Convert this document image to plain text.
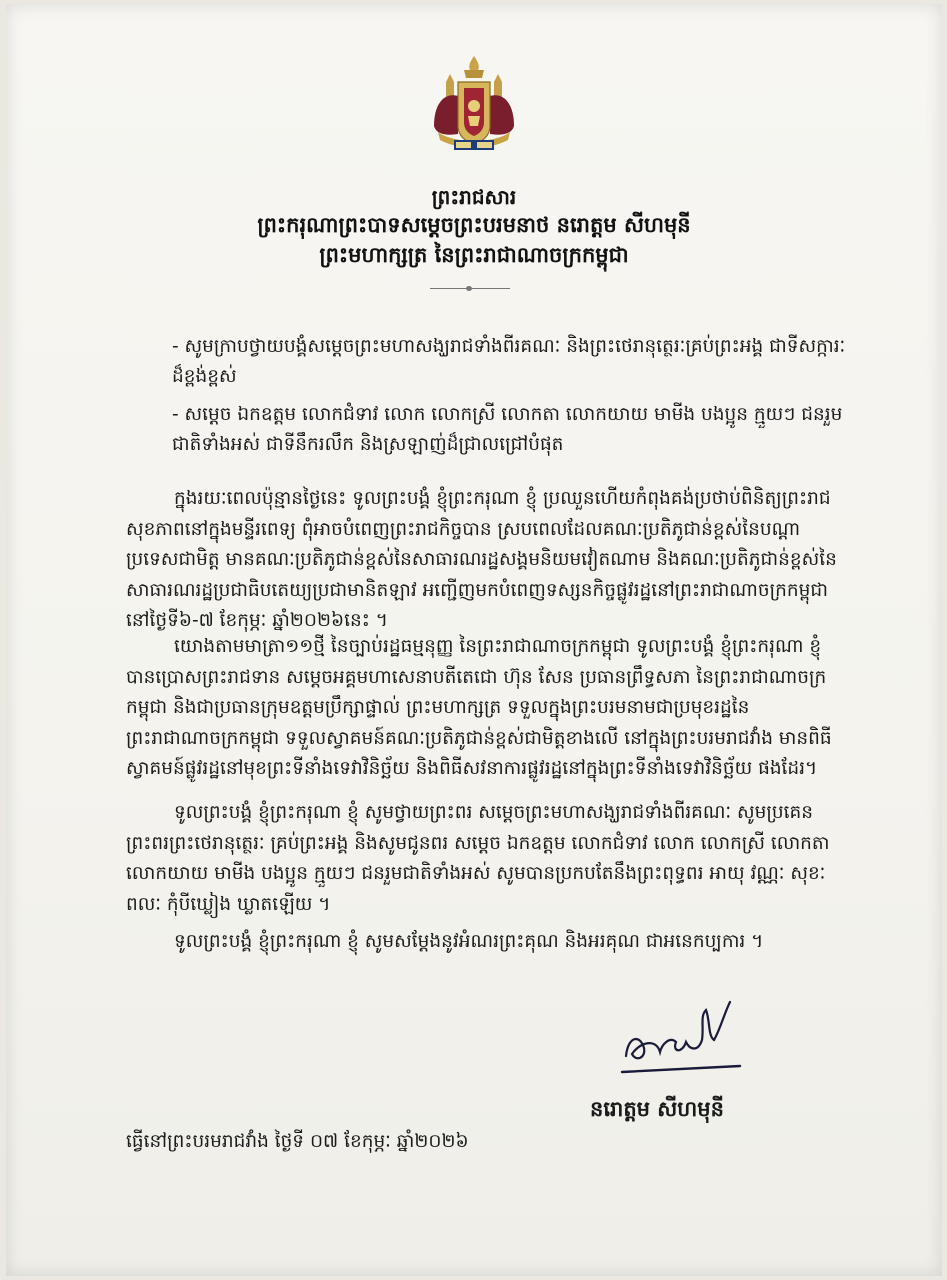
ព្រះរាជសារ
ព្រះករុណាព្រះបាទសម្តេចព្រះបរមនាថ នរោត្តម សីហមុនី
ព្រះមហាក្សត្រ នៃព្រះរាជាណាចក្រកម្ពុជា
- សូមក្រាបថ្វាយបង្គំសម្តេចព្រះមហាសង្ឃរាជទាំងពីរគណៈ និងព្រះថេរានុត្ថេរៈគ្រប់ព្រះអង្គ ជាទីសក្ការៈដ៏ខ្ពង់ខ្ពស់
- សម្តេច ឯកឧត្តម លោកជំទាវ លោក លោកស្រី លោកតា លោកយាយ មាមីង បងប្អូន ក្មួយៗ ជនរួមជាតិទាំងអស់ ជាទីនឹករលឹក និងស្រឡាញ់ដ៏ជ្រាលជ្រៅបំផុត
ក្នុងរយៈពេលប៉ុន្មានថ្ងៃនេះ ទូលព្រះបង្គំ ខ្ញុំព្រះករុណា ខ្ញុំ ប្រឈួនហើយកំពុងគង់ប្រថាប់ពិនិត្យព្រះរាជសុខភាពនៅក្នុងមន្ទីរពេទ្យ ពុំអាចបំពេញព្រះរាជកិច្ចបាន ស្របពេលដែលគណៈប្រតិភូជាន់ខ្ពស់នៃបណ្តាប្រទេសជាមិត្ត មានគណៈប្រតិភូជាន់ខ្ពស់នៃសាធារណរដ្ឋសង្គមនិយមវៀតណាម និងគណៈប្រតិភូជាន់ខ្ពស់នៃសាធារណរដ្ឋប្រជាធិបតេយ្យប្រជាមានិតឡាវ អញ្ជើញមកបំពេញទស្សនកិច្ចផ្លូវរដ្ឋនៅព្រះរាជាណាចក្រកម្ពុជា នៅថ្ងៃទី៦-៧ ខែកុម្ភៈ ឆ្នាំ២០២៦នេះ ។
យោងតាមមាត្រា១១ថ្មី នៃច្បាប់រដ្ឋធម្មនុញ្ញ នៃព្រះរាជាណាចក្រកម្ពុជា ទូលព្រះបង្គំ ខ្ញុំព្រះករុណា ខ្ញុំ បានប្រោសព្រះរាជទាន សម្តេចអគ្គមហាសេនាបតីតេជោ ហ៊ុន សែន ប្រធានព្រឹទ្ធសភា នៃព្រះរាជាណាចក្រកម្ពុជា និងជាប្រធានក្រុមឧត្តមប្រឹក្សាផ្ទាល់ ព្រះមហាក្សត្រ ទទួលក្នុងព្រះបរមនាមជាប្រមុខរដ្ឋនៃព្រះរាជាណាចក្រកម្ពុជា ទទួលស្វាគមន៍គណៈប្រតិភូជាន់ខ្ពស់ជាមិត្តខាងលើ នៅក្នុងព្រះបរមរាជវាំង មានពិធីស្វាគមន៍ផ្លូវរដ្ឋនៅមុខព្រះទីនាំងទេវាវិនិច្ឆ័យ និងពិធីសវនាការផ្លូវរដ្ឋនៅក្នុងព្រះទីនាំងទេវាវិនិច្ឆ័យ ផងដែរ។
ទូលព្រះបង្គំ ខ្ញុំព្រះករុណា ខ្ញុំ សូមថ្វាយព្រះពរ សម្តេចព្រះមហាសង្ឃរាជទាំងពីរគណៈ សូមប្រគេនព្រះពរព្រះថេរានុត្ថេរៈ គ្រប់ព្រះអង្គ និងសូមជូនពរ សម្តេច ឯកឧត្តម លោកជំទាវ លោក លោកស្រី លោកតា លោកយាយ មាមីង បងប្អូន ក្មួយៗ ជនរួមជាតិទាំងអស់ សូមបានប្រកបតែនឹងព្រះពុទ្ធពរ អាយុ វណ្ណៈ សុខៈ ពលៈ កុំបីឃ្លៀង ឃ្លាតឡើយ ។
ទូលព្រះបង្គំ ខ្ញុំព្រះករុណា ខ្ញុំ សូមសម្តែងនូវអំណរព្រះគុណ និងអរគុណ ជាអនេកប្បការ ។
នរោត្តម សីហមុនី
ធ្វើនៅព្រះបរមរាជវាំង ថ្ងៃទី ០៧ ខែកុម្ភៈ ឆ្នាំ២០២៦
